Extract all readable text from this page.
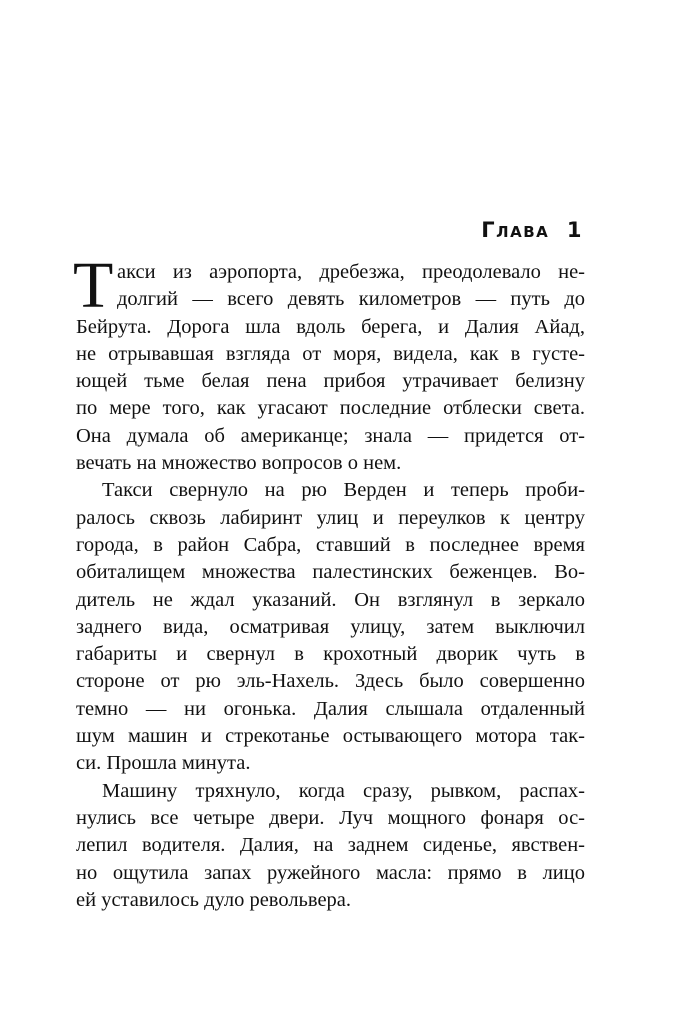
Глава 1
Т акси из аэропорта, дребезжа, преодолевало не-
долгий — всего девять километров — путь до
Бейрута. Дорога шла вдоль берега, и Далия Айад,
не отрывавшая взгляда от моря, видела, как в густе-
ющей тьме белая пена прибоя утрачивает белизну
по мере того, как угасают последние отблески света.
Она думала об американце; знала — придется от-
вечать на множество вопросов о нем.
Такси свернуло на рю Верден и теперь проби-
ралось сквозь лабиринт улиц и переулков к центру
города, в район Сабра, ставший в последнее время
обиталищем множества палестинских беженцев. Во-
дитель не ждал указаний. Он взглянул в зеркало
заднего вида, осматривая улицу, затем выключил
габариты и свернул в крохотный дворик чуть в
стороне от рю эль-Нахель. Здесь было совершенно
темно — ни огонька. Далия слышала отдаленный
шум машин и стрекотанье остывающего мотора так-
си. Прошла минута.
Машину тряхнуло, когда сразу, рывком, распах-
нулись все четыре двери. Луч мощного фонаря ос-
лепил водителя. Далия, на заднем сиденье, явствен-
но ощутила запах ружейного масла: прямо в лицо
ей уставилось дуло револьвера.
